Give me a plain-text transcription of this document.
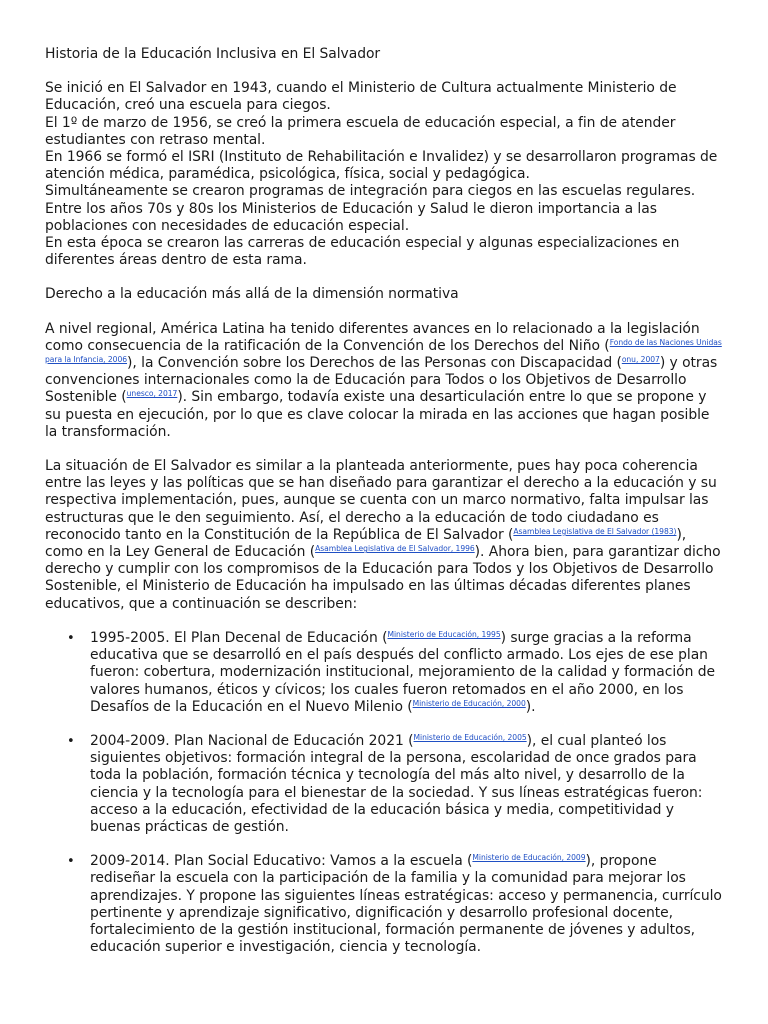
Historia de la Educación Inclusiva en El Salvador

Se inició en El Salvador en 1943, cuando el Ministerio de Cultura actualmente Ministerio de Educación, creó una escuela para ciegos.

El 1º de marzo de 1956, se creó la primera escuela de educación especial, a fin de atender estudiantes con retraso mental.

En 1966 se formó el ISRI (Instituto de Rehabilitación e Invalidez) y se desarrollaron programas de atención médica, paramédica, psicológica, física, social y pedagógica.

Simultáneamente se crearon programas de integración para ciegos en las escuelas regulares.

Entre los años 70s y 80s los Ministerios de Educación y Salud le dieron importancia a las poblaciones con necesidades de educación especial.

En esta época se crearon las carreras de educación especial y algunas especializaciones en diferentes áreas dentro de esta rama.

Derecho a la educación más allá de la dimensión normativa

A nivel regional, América Latina ha tenido diferentes avances en lo relacionado a la legislación como consecuencia de la ratificación de la Convención de los Derechos del Niño ($^{Fondo de las Naciones Unidas para la Infancia, 2006}$), la Convención sobre los Derechos de las Personas con Discapacidad ($^{onu, 2007}$) y otras convenciones internacionales como la de Educación para Todos o los Objetivos de Desarrollo Sostenible ($^{unesco, 2017}$). Sin embargo, todavía existe una desarticulación entre lo que se propone y su puesta en ejecución, por lo que es clave colocar la mirada en las acciones que hagan posible la transformación.

La situación de El Salvador es similar a la planteada anteriormente, pues hay poca coherencia entre las leyes y las políticas que se han diseñado para garantizar el derecho a la educación y su respectiva implementación, pues, aunque se cuenta con un marco normativo, falta impulsar las estructuras que le den seguimiento. Así, el derecho a la educación de todo ciudadano es reconocido tanto en la Constitución de la República de El Salvador ($^{Asamblea Legislativa de El Salvador (1983)}$), como en la Ley General de Educación ($^{Asamblea Legislativa de El Salvador, 1996}$). Ahora bien, para garantizar dicho derecho y cumplir con los compromisos de la Educación para Todos y los Objetivos de Desarrollo Sostenible, el Ministerio de Educación ha impulsado en las últimas décadas diferentes planes educativos, que a continuación se describen:

• 1995-2005. El Plan Decenal de Educación ($^{Ministerio de Educación, 1995}$) surge gracias a la reforma educativa que se desarrolló en el país después del conflicto armado. Los ejes de ese plan fueron: cobertura, modernización institucional, mejoramiento de la calidad y formación de valores humanos, éticos y cívicos; los cuales fueron retomados en el año 2000, en los Desafíos de la Educación en el Nuevo Milenio ($^{Ministerio de Educación, 2000}$).
• 2004-2009. Plan Nacional de Educación 2021 ($^{Ministerio de Educación, 2005}$), el cual planteó los siguientes objetivos: formación integral de la persona, escolaridad de once grados para toda la población, formación técnica y tecnología del más alto nivel, y desarrollo de la ciencia y la tecnología para el bienestar de la sociedad. Y sus líneas estratégicas fueron: acceso a la educación, efectividad de la educación básica y media, competitividad y buenas prácticas de gestión.
• 2009-2014. Plan Social Educativo: Vamos a la escuela ($^{Ministerio de Educación, 2009}$), propone rediseñar la escuela con la participación de la familia y la comunidad para mejorar los aprendizajes. Y propone las siguientes líneas estratégicas: acceso y permanencia, currículo pertinente y aprendizaje significativo, dignificación y desarrollo profesional docente, fortalecimiento de la gestión institucional, formación permanente de jóvenes y adultos, educación superior e investigación, ciencia y tecnología.
